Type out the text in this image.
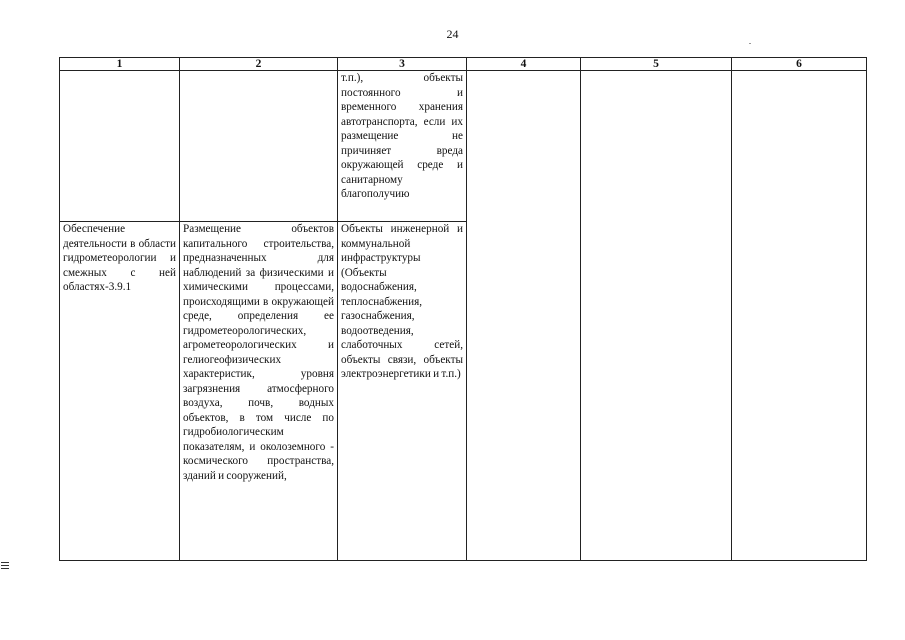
24
1	2	3	4	5	6
		т.п.), объекты постоянного и временного хранения автотранспорта, если их размещение не причиняет вреда окружающей среде и санитарному благополучию			
Обеспечение деятельности в области гидрометеорологии и смежных с ней областях-3.9.1	Размещение объектов капитального строительства, предназначенных для наблюдений за физическими и химическими процессами, происходящими в окружающей среде, определения ее гидрометеорологических, агрометеорологических и гелиогеофизических характеристик, уровня загрязнения атмосферного воздуха, почв, водных объектов, в том числе по гидробиологическим показателям, и околоземного - космического пространства, зданий и сооружений,	Объекты инженерной и коммунальной инфраструктуры (Объекты водоснабжения, теплоснабжения, газоснабжения, водоотведения, слаботочных сетей, объекты связи, объекты электроэнергетики и т.п.)			
